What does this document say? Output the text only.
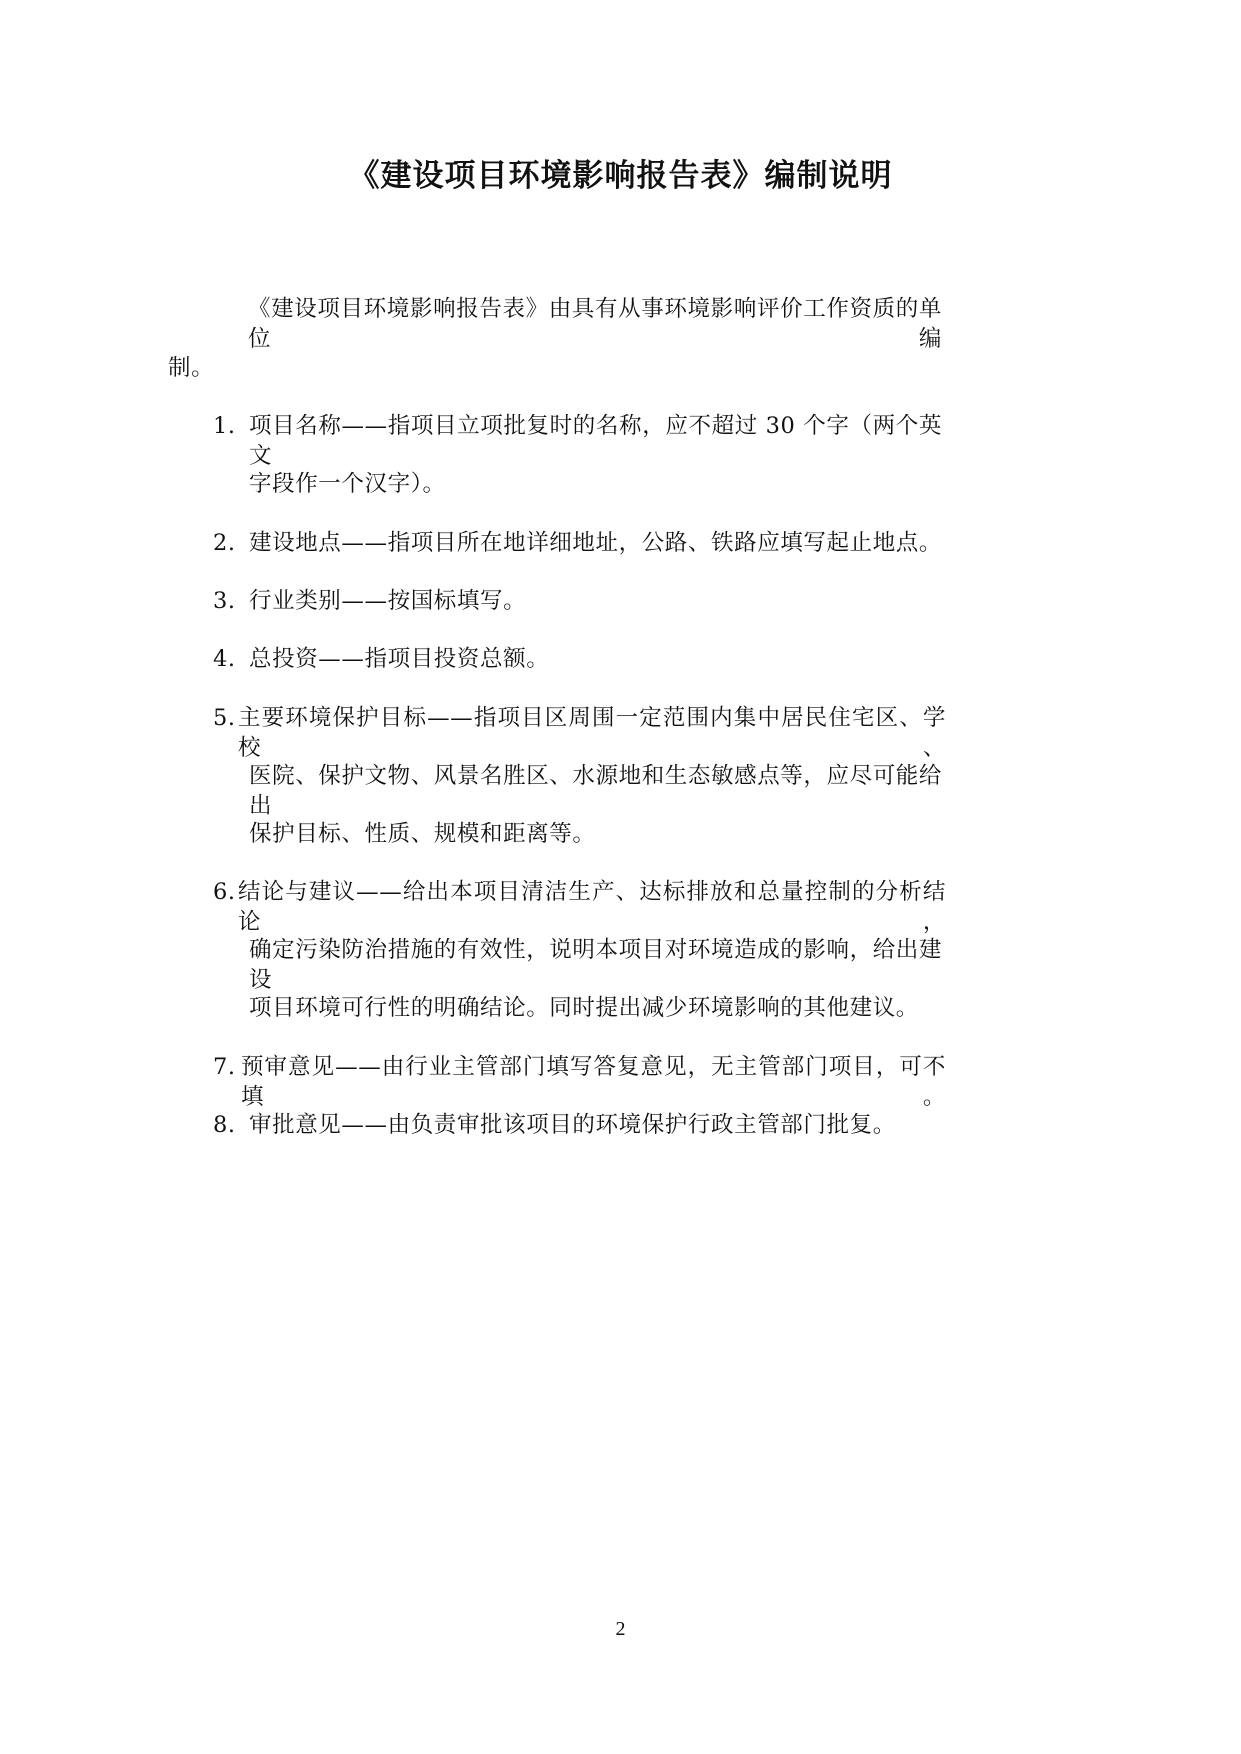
《建设项目环境影响报告表》编制说明
《建设项目环境影响报告表》由具有从事环境影响评价工作资质的单位编
制。
1. 项目名称——指项目立项批复时的名称，应不超过 30 个字（两个英文
字段作一个汉字）。
2. 建设地点——指项目所在地详细地址，公路、铁路应填写起止地点。
3. 行业类别——按国标填写。
4. 总投资——指项目投资总额。
5. 主要环境保护目标——指项目区周围一定范围内集中居民住宅区、学校、
医院、保护文物、风景名胜区、水源地和生态敏感点等，应尽可能给出
保护目标、性质、规模和距离等。
6. 结论与建议——给出本项目清洁生产、达标排放和总量控制的分析结论，
确定污染防治措施的有效性，说明本项目对环境造成的影响，给出建设
项目环境可行性的明确结论。同时提出减少环境影响的其他建议。
7. 预审意见——由行业主管部门填写答复意见，无主管部门项目，可不填。
8. 审批意见——由负责审批该项目的环境保护行政主管部门批复。
2
